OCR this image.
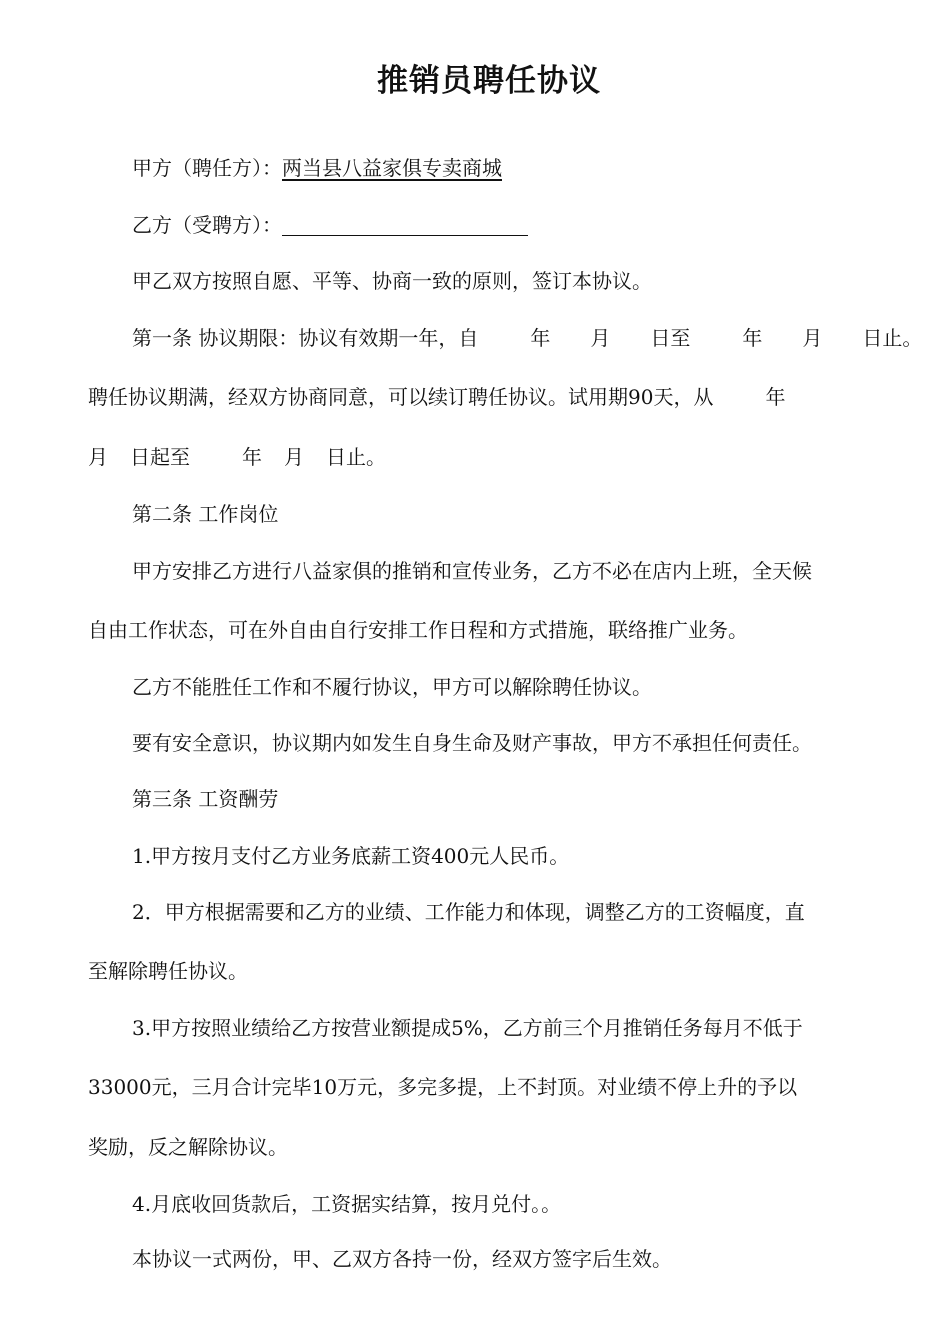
推销员聘任协议
甲方（聘任方）：两当县八益家俱专卖商城
乙方（受聘方）：
甲乙双方按照自愿、平等、协商一致的原则，签订本协议。
第一条 协议期限：协议有效期一年，自	年 月 日至	年 月 日止。
聘任协议期满，经双方协商同意，可以续订聘任协议。试用期90天，从	年
月 日起至	年 月 日止。
第二条 工作岗位
甲方安排乙方进行八益家俱的推销和宣传业务，乙方不必在店内上班，全天候
自由工作状态，可在外自由自行安排工作日程和方式措施，联络推广业务。
乙方不能胜任工作和不履行协议，甲方可以解除聘任协议。
要有安全意识，协议期内如发生自身生命及财产事故，甲方不承担任何责任。
第三条 工资酬劳
1.甲方按月支付乙方业务底薪工资400元人民币。
2．甲方根据需要和乙方的业绩、工作能力和体现，调整乙方的工资幅度，直
至解除聘任协议。
3.甲方按照业绩给乙方按营业额提成5%，乙方前三个月推销任务每月不低于
33000元，三月合计完毕10万元，多完多提，上不封顶。对业绩不停上升的予以
奖励，反之解除协议。
4.月底收回货款后，工资据实结算，按月兑付。。
本协议一式两份，甲、乙双方各持一份，经双方签字后生效。
